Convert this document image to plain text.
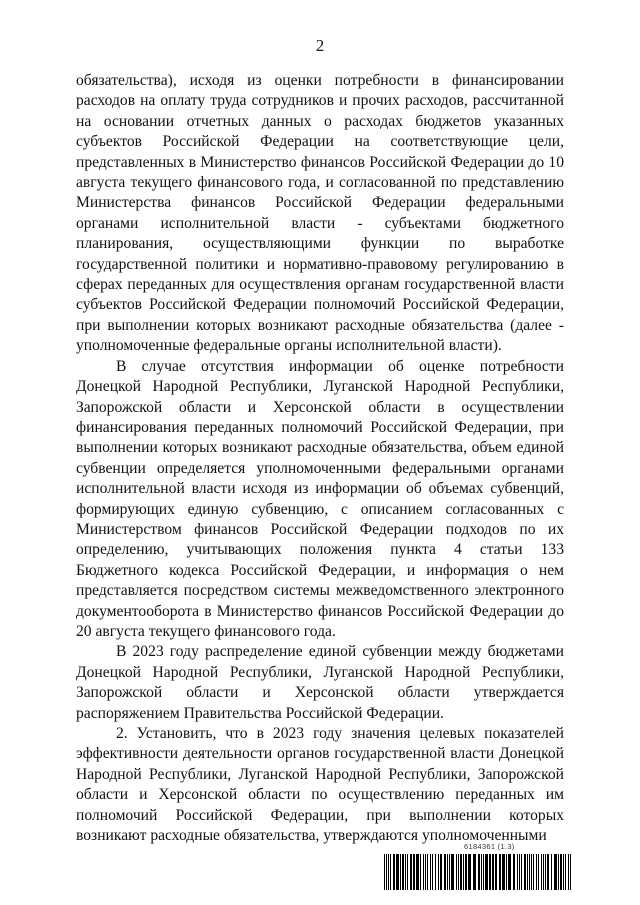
2

обязательства), исходя из оценки потребности в финансировании расходов на оплату труда сотрудников и прочих расходов, рассчитанной на основании отчетных данных о расходах бюджетов указанных субъектов Российской Федерации на соответствующие цели, представленных в Министерство финансов Российской Федерации до 10 августа текущего финансового года, и согласованной по представлению Министерства финансов Российской Федерации федеральными органами исполнительной власти - субъектами бюджетного планирования, осуществляющими функции по выработке государственной политики и нормативно-правовому регулированию в сферах переданных для осуществления органам государственной власти субъектов Российской Федерации полномочий Российской Федерации, при выполнении которых возникают расходные обязательства (далее - уполномоченные федеральные органы исполнительной власти).

В случае отсутствия информации об оценке потребности Донецкой Народной Республики, Луганской Народной Республики, Запорожской области и Херсонской области в осуществлении финансирования переданных полномочий Российской Федерации, при выполнении которых возникают расходные обязательства, объем единой субвенции определяется уполномоченными федеральными органами исполнительной власти исходя из информации об объемах субвенций, формирующих единую субвенцию, с описанием согласованных с Министерством финансов Российской Федерации подходов по их определению, учитывающих положения пункта 4 статьи 133 Бюджетного кодекса Российской Федерации, и информация о нем представляется посредством системы межведомственного электронного документооборота в Министерство финансов Российской Федерации до 20 августа текущего финансового года.

В 2023 году распределение единой субвенции между бюджетами Донецкой Народной Республики, Луганской Народной Республики, Запорожской области и Херсонской области утверждается распоряжением Правительства Российской Федерации.

2. Установить, что в 2023 году значения целевых показателей эффективности деятельности органов государственной власти Донецкой Народной Республики, Луганской Народной Республики, Запорожской области и Херсонской области по осуществлению переданных им полномочий Российской Федерации, при выполнении которых возникают расходные обязательства, утверждаются уполномоченными

6184361 (1.3)
